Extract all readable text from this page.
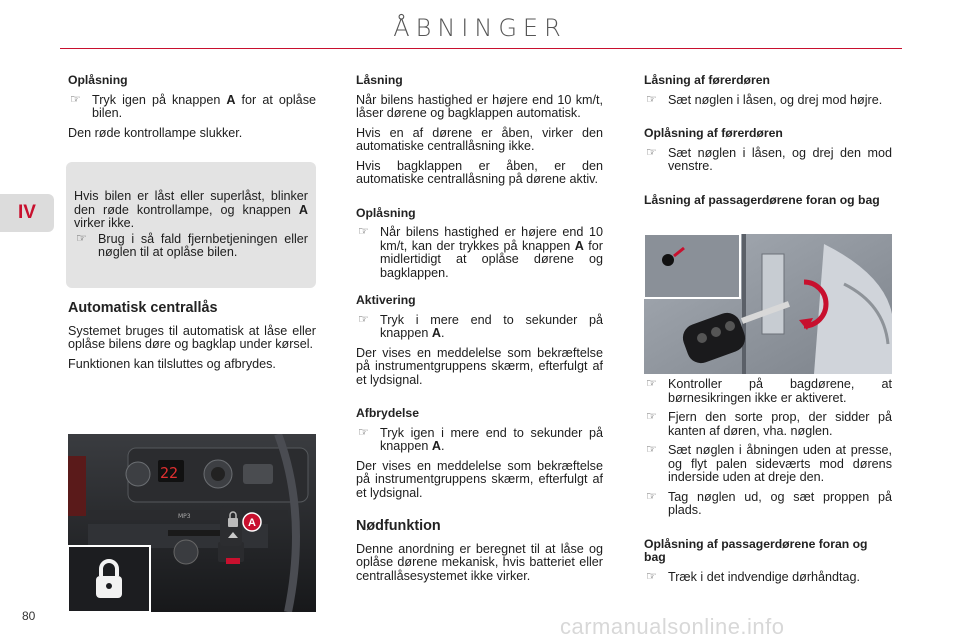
ÅBNINGER
IV
Oplåsning
☞ Tryk igen på knappen A for at oplåse bilen.

Den røde kontrollampe slukker.

Hvis bilen er låst eller superlåst, blinker den røde kontrollampe, og knappen A virker ikke.

☞ Brug i så fald fjernbetjeningen eller nøglen til at oplåse bilen.
Automatisk centrallås

Systemet bruges til automatisk at låse eller oplåse bilens døre og bagklap under kørsel.

Funktionen kan tilsluttes og afbrydes.

22
MP3
A
Låsning

Når bilens hastighed er højere end 10 km/t, låser dørene og bagklappen automatisk.

Hvis en af dørene er åben, virker den automatiske centrallåsning ikke.

Hvis bagklappen er åben, er den automatiske centrallåsning på dørene aktiv.

Oplåsning
☞ Når bilens hastighed er højere end 10 km/t, kan der trykkes på knappen A for midlertidigt at oplåse dørene og bagklappen.
Aktivering
☞ Tryk i mere end to sekunder på knappen A.

Der vises en meddelelse som bekræftelse på instrumentgruppens skærm, efterfulgt af et lydsignal.

Afbrydelse
☞ Tryk igen i mere end to sekunder på knappen A.

Der vises en meddelelse som bekræftelse på instrumentgruppens skærm, efterfulgt af et lydsignal.

Nødfunktion

Denne anordning er beregnet til at låse og oplåse dørene mekanisk, hvis batteriet eller centrallåsesystemet ikke virker.

Låsning af førerdøren
☞ Sæt nøglen i låsen, og drej mod højre.
Oplåsning af førerdøren
☞ Sæt nøglen i låsen, og drej den mod venstre.
Låsning af passagerdørene foran og bag
☞ Kontroller på bagdørene, at børnesikringen ikke er aktiveret.
☞ Fjern den sorte prop, der sidder på kanten af døren, vha. nøglen.
☞ Sæt nøglen i åbningen uden at presse, og flyt palen sideværts mod dørens inderside uden at dreje den.
☞ Tag nøglen ud, og sæt proppen på plads.
Oplåsning af passagerdørene foran og bag
☞ Træk i det indvendige dørhåndtag.
80	carmanualsonline.info
